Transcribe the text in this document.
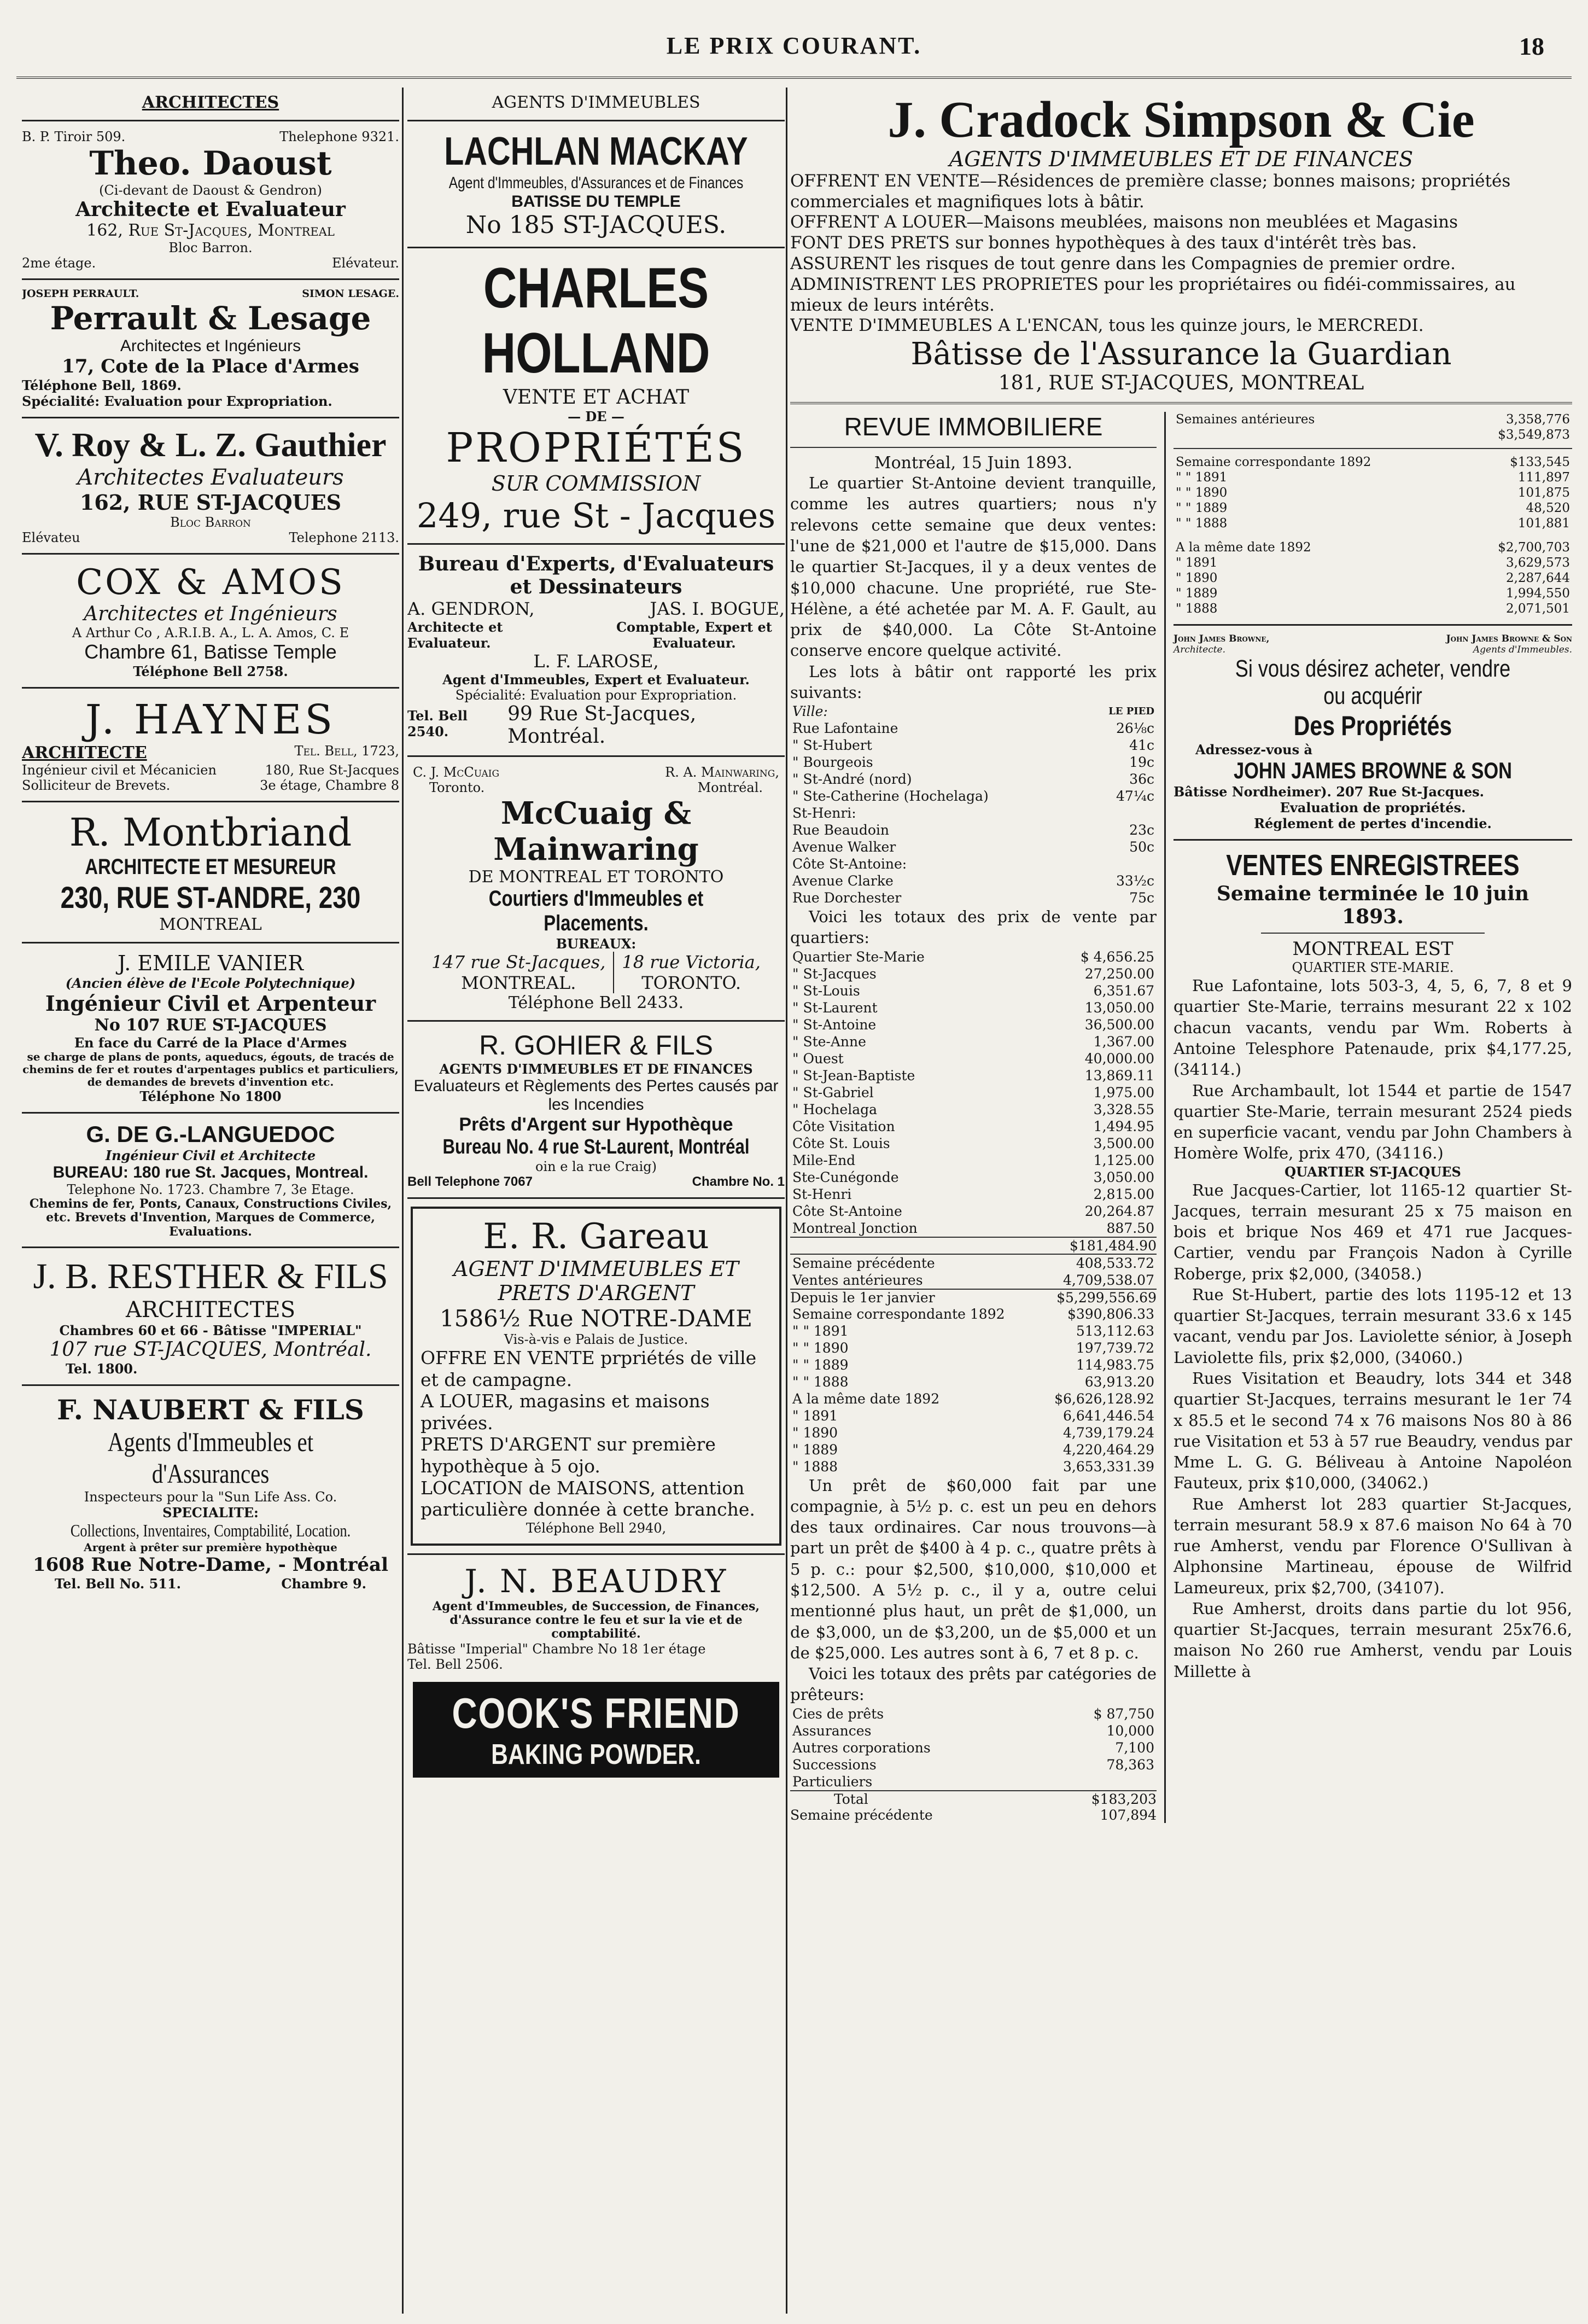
LE PRIX COURANT.	18
ARCHITECTES
B. P. Tiroir 509.	Thelephone 9321.
Theo. Daoust
(Ci-devant de Daoust & Gendron)
Architecte et Evaluateur
162, Rue St-Jacques, Montreal
Bloc Barron.
2me étage.	Elévateur.
JOSEPH PERRAULT.	SIMON LESAGE.
Perrault & Lesage
Architectes et Ingénieurs
17, Cote de la Place d'Armes
Téléphone Bell, 1869.
Spécialité: Evaluation pour Expropriation.
V. Roy & L. Z. Gauthier
Architectes Evaluateurs
162, RUE ST-JACQUES
Bloc Barron
Elévateu	Telephone 2113.
COX & AMOS
Architectes et Ingénieurs
A Arthur Co , A.R.I.B. A., L. A. Amos, C. E
Chambre 61, Batisse Temple
Téléphone Bell 2758.
J. HAYNES
ARCHITECTE	Tel. Bell, 1723,
Ingénieur civil et Mécanicien	180, Rue St-Jacques
Solliciteur de Brevets.	3e étage, Chambre 8
R. Montbriand
ARCHITECTE ET MESUREUR
230, RUE ST-ANDRE, 230
MONTREAL
J. EMILE VANIER
(Ancien élève de l'Ecole Polytechnique)
Ingénieur Civil et Arpenteur
No 107 RUE ST-JACQUES
En face du Carré de la Place d'Armes
se charge de plans de ponts, aqueducs, égouts, de tracés de chemins de fer et routes d'arpentages publics et particuliers, de demandes de brevets d'invention etc.
Téléphone No 1800
G. DE G.-LANGUEDOC
Ingénieur Civil et Architecte
BUREAU: 180 rue St. Jacques, Montreal.
Telephone No. 1723. Chambre 7, 3e Etage.
Chemins de fer, Ponts, Canaux, Constructions Civiles, etc. Brevets d'Invention, Marques de Commerce, Evaluations.
J. B. RESTHER & FILS
ARCHITECTES
Chambres 60 et 66 - Bâtisse "IMPERIAL"
107 rue ST-JACQUES, Montréal.
Tel. 1800.
F. NAUBERT & FILS
Agents d'Immeubles et d'Assurances
Inspecteurs pour la "Sun Life Ass. Co.
SPECIALITE:
Collections, Inventaires, Comptabilité, Location.
Argent à prêter sur première hypothèque
1608 Rue Notre-Dame, - Montréal
Tel. Bell No. 511.	Chambre 9.
AGENTS D'IMMEUBLES
LACHLAN MACKAY
Agent d'Immeubles, d'Assurances et de Finances
BATISSE DU TEMPLE
No 185 ST-JACQUES.
CHARLES HOLLAND
VENTE ET ACHAT
— DE —
PROPRIÉTÉS
SUR COMMISSION
249, rue St - Jacques
Bureau d'Experts, d'Evaluateurs et Dessinateurs
A. GENDRON,	JAS. I. BOGUE,
Architecte et Evaluateur.
Comptable, Expert et Evaluateur.
L. F. LAROSE,
Agent d'Immeubles, Expert et Evaluateur.
Spécialité: Evaluation pour Expropriation.
Tel. Bell 2540.
99 Rue St-Jacques, Montréal.
C. J. McCuaig	R. A. Mainwaring,
Toronto.	Montréal.
McCuaig & Mainwaring
DE MONTREAL ET TORONTO
Courtiers d'Immeubles et Placements.
BUREAUX:
147 rue St-Jacques,
MONTREAL.
18 rue Victoria,
TORONTO.
Téléphone Bell 2433.
R. GOHIER & FILS
AGENTS D'IMMEUBLES ET DE FINANCES
Evaluateurs et Règlements des Pertes causés par les Incendies
Prêts d'Argent sur Hypothèque
Bureau No. 4 rue St-Laurent, Montréal
oin e la rue Craig)
Bell Telephone 7067	Chambre No. 1
E. R. Gareau
AGENT D'IMMEUBLES ET PRETS D'ARGENT
1586½ Rue NOTRE-DAME
Vis-à-vis e Palais de Justice.

OFFRE EN VENTE prpriétés de ville et de campagne.

A LOUER, magasins et maisons privées.

PRETS D'ARGENT sur première hypothèque à 5 ojo.

LOCATION de MAISONS, attention particulière donnée à cette branche.

Téléphone Bell 2940,
J. N. BEAUDRY
Agent d'Immeubles, de Succession, de Finances, d'Assurance contre le feu et sur la vie et de comptabilité.
Bâtisse "Imperial" Chambre No 18 1er étage
Tel. Bell 2506.
COOK'S FRIEND
BAKING POWDER.
J. Cradock Simpson & Cie
AGENTS D'IMMEUBLES ET DE FINANCES

OFFRENT EN VENTE—Résidences de première classe; bonnes maisons; propriétés commerciales et magnifiques lots à bâtir.

OFFRENT A LOUER—Maisons meublées, maisons non meublées et Magasins

FONT DES PRETS sur bonnes hypothèques à des taux d'intérêt très bas.

ASSURENT les risques de tout genre dans les Compagnies de premier ordre.

ADMINISTRENT LES PROPRIETES pour les propriétaires ou fidéi-commissaires, au mieux de leurs intérêts.

VENTE D'IMMEUBLES A L'ENCAN, tous les quinze jours, le MERCREDI.

Bâtisse de l'Assurance la Guardian
181, RUE ST-JACQUES, MONTREAL
REVUE IMMOBILIERE
Montréal, 15 Juin 1893.

Le quartier St-Antoine devient tranquille, comme les autres quartiers; nous n'y relevons cette semaine que deux ventes: l'une de $21,000 et l'autre de $15,000. Dans le quartier St-Jacques, il y a deux ventes de $10,000 chacune. Une propriété, rue Ste-Hélène, a été achetée par M. A. F. Gault, au prix de $40,000. La Côte St-Antoine conserve encore quelque activité.

Les lots à bâtir ont rapporté les prix suivants:

Ville:	LE PIED
Rue Lafontaine	26⅛c
" St-Hubert	41c
" Bourgeois	19c
" St-André (nord)	36c
" Ste-Catherine (Hochelaga)	47¼c
St-Henri:	
Rue Beaudoin	23c
Avenue Walker	50c
Côte St-Antoine:	
Avenue Clarke	33½c
Rue Dorchester	75c

Voici les totaux des prix de vente par quartiers:

Quartier Ste-Marie	$ 4,656.25
" St-Jacques	27,250.00
" St-Louis	6,351.67
" St-Laurent	13,050.00
" St-Antoine	36,500.00
" Ste-Anne	1,367.00
" Ouest	40,000.00
" St-Jean-Baptiste	13,869.11
" St-Gabriel	1,975.00
" Hochelaga	3,328.55
Côte Visitation	1,494.95
Côte St. Louis	3,500.00
Mile-End	1,125.00
Ste-Cunégonde	3,050.00
St-Henri	2,815.00
Côte St-Antoine	20,264.87
Montreal Jonction	887.50
$181,484.90
Semaine précédente	408,533.72
Ventes antérieures	4,709,538.07
Depuis le 1er janvier	$5,299,556.69
Semaine correspondante 1892	$390,806.33
" " 1891	513,112.63
" " 1890	197,739.72
" " 1889	114,983.75
" " 1888	63,913.20
A la même date 1892	$6,626,128.92
" 1891	6,641,446.54
" 1890	4,739,179.24
" 1889	4,220,464.29
" 1888	3,653,331.39

Un prêt de $60,000 fait par une compagnie, à 5½ p. c. est un peu en dehors des taux ordinaires. Car nous trouvons—à part un prêt de $400 à 4 p. c., quatre prêts à 5 p. c.: pour $2,500, $10,000, $10,000 et $12,500. A 5½ p. c., il y a, outre celui mentionné plus haut, un prêt de $1,000, un de $3,000, un de $3,200, un de $5,000 et un de $25,000. Les autres sont à 6, 7 et 8 p. c.

Voici les totaux des prêts par catégories de prêteurs:

Cies de prêts	$ 87,750
Assurances	10,000
Autres corporations	7,100
Successions	78,363
Particuliers	
Total	$183,203
Semaine précédente	107,894
Semaines antérieures	3,358,776
	$3,549,873
Semaine correspondante 1892	$133,545
" " 1891	111,897
" " 1890	101,875
" " 1889	48,520
" " 1888	101,881
A la même date 1892	$2,700,703
" 1891	3,629,573
" 1890	2,287,644
" 1889	1,994,550
" 1888	2,071,501
John James Browne,	John James Browne & Son
Architecte.	Agents d'Immeubles.
Si vous désirez acheter, vendre
ou acquérir
Des Propriétés
Adressez-vous à
JOHN JAMES BROWNE & SON
Bâtisse Nordheimer). 207 Rue St-Jacques.
Evaluation de propriétés.
Réglement de pertes d'incendie.
VENTES ENREGISTREES
Semaine terminée le 10 juin 1893.
MONTREAL EST
QUARTIER STE-MARIE.

Rue Lafontaine, lots 503-3, 4, 5, 6, 7, 8 et 9 quartier Ste-Marie, terrains mesurant 22 x 102 chacun vacants, vendu par Wm. Roberts à Antoine Telesphore Patenaude, prix $4,177.25, (34114.)

Rue Archambault, lot 1544 et partie de 1547 quartier Ste-Marie, terrain mesurant 2524 pieds en superficie vacant, vendu par John Chambers à Homère Wolfe, prix 470, (34116.)

QUARTIER ST-JACQUES

Rue Jacques-Cartier, lot 1165-12 quartier St-Jacques, terrain mesurant 25 x 75 maison en bois et brique Nos 469 et 471 rue Jacques-Cartier, vendu par François Nadon à Cyrille Roberge, prix $2,000, (34058.)

Rue St-Hubert, partie des lots 1195-12 et 13 quartier St-Jacques, terrain mesurant 33.6 x 145 vacant, vendu par Jos. Laviolette sénior, à Joseph Laviolette fils, prix $2,000, (34060.)

Rues Visitation et Beaudry, lots 344 et 348 quartier St-Jacques, terrains mesurant le 1er 74 x 85.5 et le second 74 x 76 maisons Nos 80 à 86 rue Visitation et 53 à 57 rue Beaudry, vendus par Mme L. G. G. Béliveau à Antoine Napoléon Fauteux, prix $10,000, (34062.)

Rue Amherst lot 283 quartier St-Jacques, terrain mesurant 58.9 x 87.6 maison No 64 à 70 rue Amherst, vendu par Florence O'Sullivan à Alphonsine Martineau, épouse de Wilfrid Lameureux, prix $2,700, (34107).

Rue Amherst, droits dans partie du lot 956, quartier St-Jacques, terrain mesurant 25x76.6, maison No 260 rue Amherst, vendu par Louis Millette à
